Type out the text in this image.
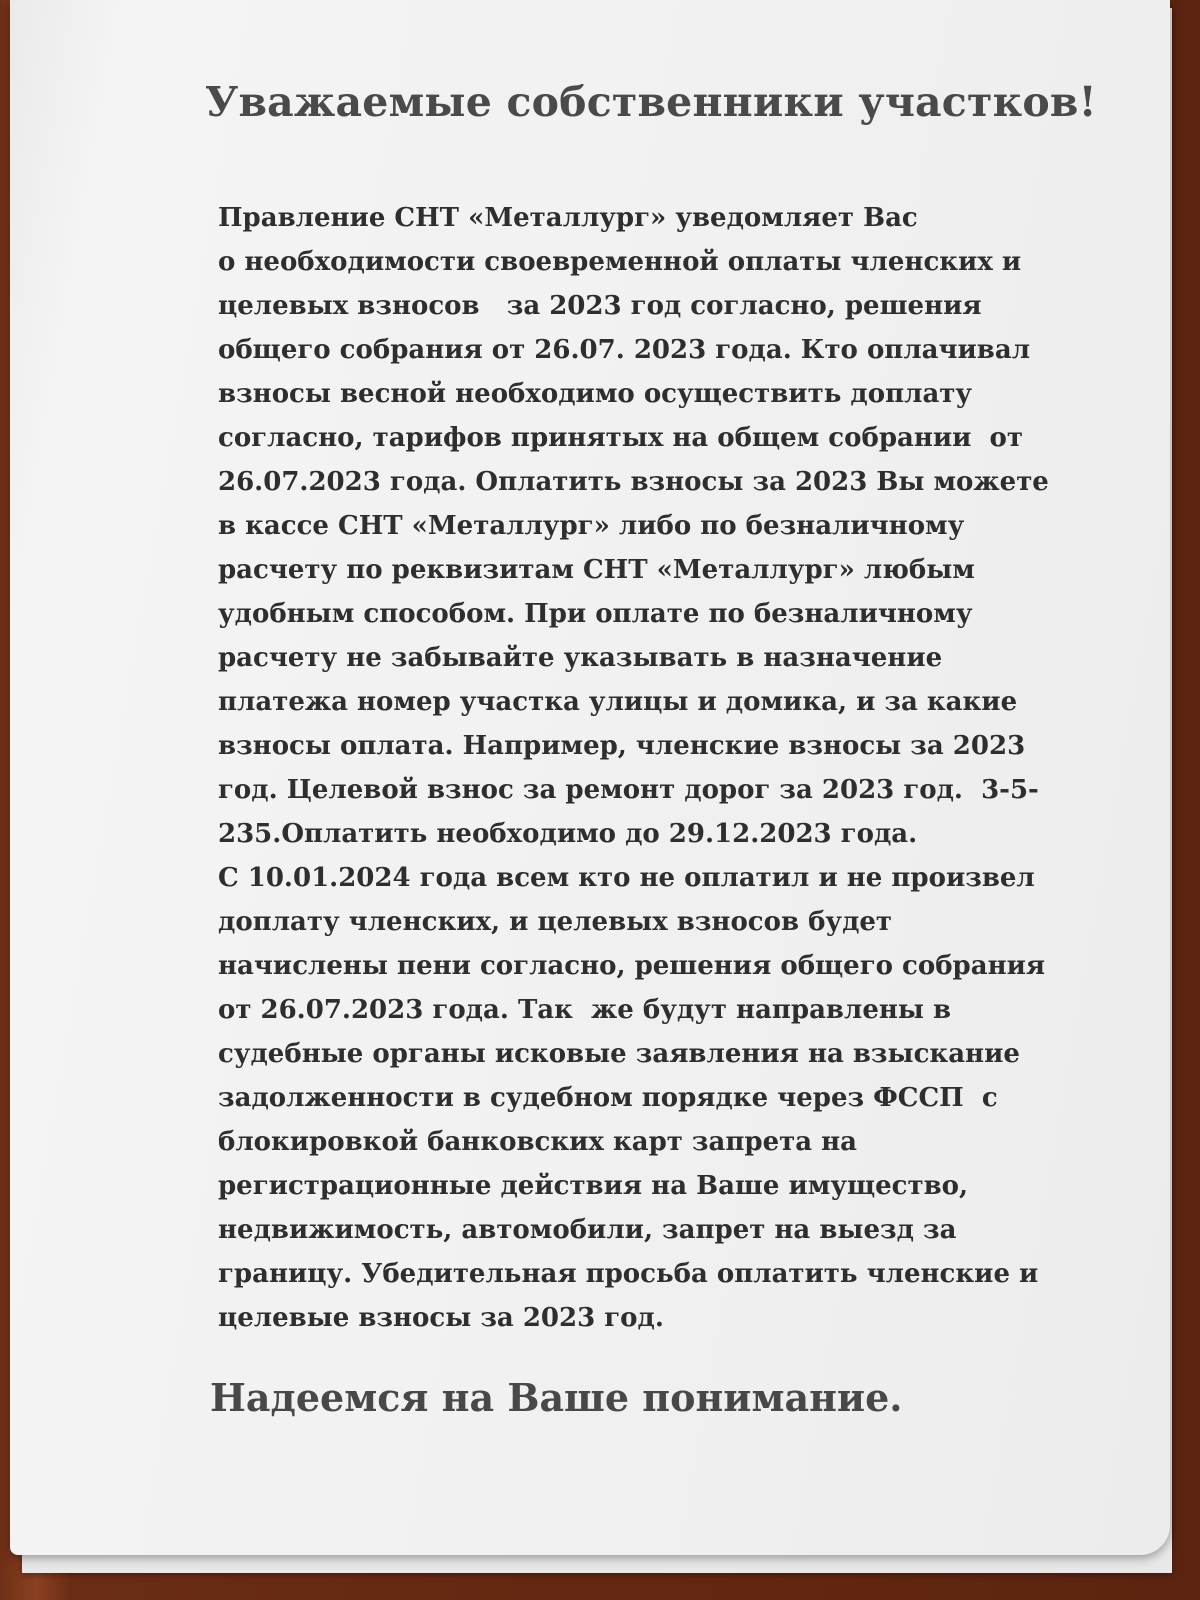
Уважаемые собственники участков!
Правление СНТ «Металлург» уведомляет Вас
о необходимости своевременной оплаты членских и
целевых взносов   за 2023 год согласно, решения
общего собрания от 26.07. 2023 года. Кто оплачивал
взносы весной необходимо осуществить доплату
согласно, тарифов принятых на общем собрании  от
26.07.2023 года. Оплатить взносы за 2023 Вы можете
в кассе СНТ «Металлург» либо по безналичному
расчету по реквизитам СНТ «Металлург» любым
удобным способом. При оплате по безналичному
расчету не забывайте указывать в назначение
платежа номер участка улицы и домика, и за какие
взносы оплата. Например, членские взносы за 2023
год. Целевой взнос за ремонт дорог за 2023 год.  3-5-
235.Оплатить необходимо до 29.12.2023 года.
С 10.01.2024 года всем кто не оплатил и не произвел
доплату членских, и целевых взносов будет
начислены пени согласно, решения общего собрания
от 26.07.2023 года. Так  же будут направлены в
судебные органы исковые заявления на взыскание
задолженности в судебном порядке через ФССП  с
блокировкой банковских карт запрета на
регистрационные действия на Ваше имущество,
недвижимость, автомобили, запрет на выезд за
границу. Убедительная просьба оплатить членские и
целевые взносы за 2023 год.
Надеемся на Ваше понимание.
